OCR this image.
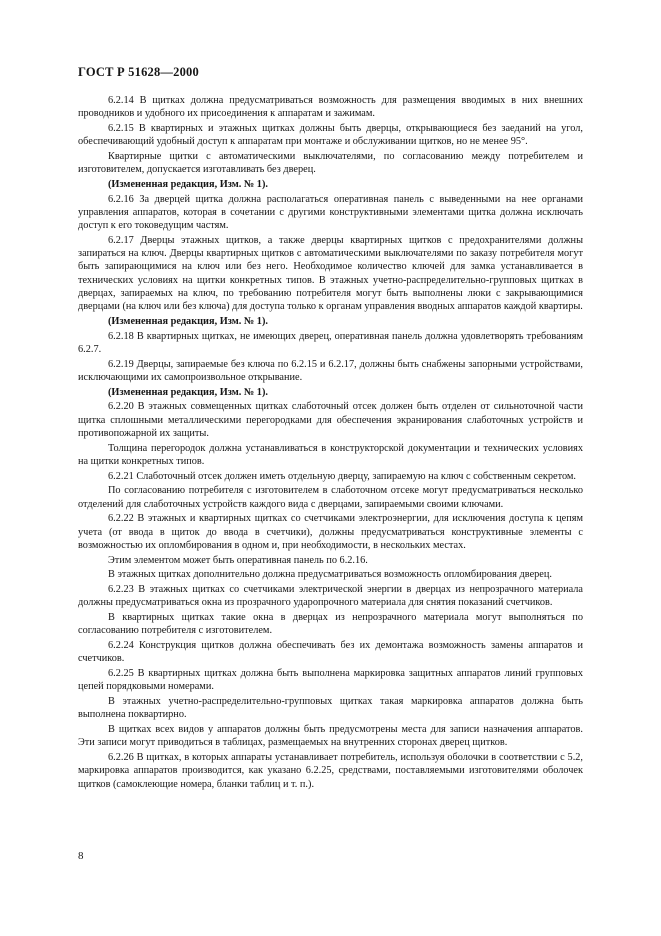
ГОСТ Р 51628—2000

6.2.14 В щитках должна предусматриваться возможность для размещения вводимых в них внешних проводников и удобного их присоединения к аппаратам и зажимам.

6.2.15 В квартирных и этажных щитках должны быть дверцы, открывающиеся без заеданий на угол, обеспечивающий удобный доступ к аппаратам при монтаже и обслуживании щитков, но не менее 95°.

Квартирные щитки с автоматическими выключателями, по согласованию между потребителем и изготовителем, допускается изготавливать без дверец.

(Измененная редакция, Изм. № 1).

6.2.16 За дверцей щитка должна располагаться оперативная панель с выведенными на нее органами управления аппаратов, которая в сочетании с другими конструктивными элементами щитка должна исключать доступ к его токоведущим частям.

6.2.17 Дверцы этажных щитков, а также дверцы квартирных щитков с предохранителями должны запираться на ключ. Дверцы квартирных щитков с автоматическими выключателями по заказу потребителя могут быть запирающимися на ключ или без него. Необходимое количество ключей для замка устанавливается в технических условиях на щитки конкретных типов. В этажных учетно-распределительно-групповых щитках в дверцах, запираемых на ключ, по требованию потребителя могут быть выполнены люки с закрывающимися дверцами (на ключ или без ключа) для доступа только к органам управления вводных аппаратов каждой квартиры.

(Измененная редакция, Изм. № 1).

6.2.18 В квартирных щитках, не имеющих дверец, оперативная панель должна удовлетворять требованиям 6.2.7.

6.2.19 Дверцы, запираемые без ключа по 6.2.15 и 6.2.17, должны быть снабжены запорными устройствами, исключающими их самопроизвольное открывание.

(Измененная редакция, Изм. № 1).

6.2.20 В этажных совмещенных щитках слаботочный отсек должен быть отделен от сильноточной части щитка сплошными металлическими перегородками для обеспечения экранирования слаботочных устройств и противопожарной их защиты.

Толщина перегородок должна устанавливаться в конструкторской документации и технических условиях на щитки конкретных типов.

6.2.21 Слаботочный отсек должен иметь отдельную дверцу, запираемую на ключ с собственным секретом.

По согласованию потребителя с изготовителем в слаботочном отсеке могут предусматриваться несколько отделений для слаботочных устройств каждого вида с дверцами, запираемыми своими ключами.

6.2.22 В этажных и квартирных щитках со счетчиками электроэнергии, для исключения доступа к цепям учета (от ввода в щиток до ввода в счетчики), должны предусматриваться конструктивные элементы с возможностью их опломбирования в одном и, при необходимости, в нескольких местах.

Этим элементом может быть оперативная панель по 6.2.16.

В этажных щитках дополнительно должна предусматриваться возможность опломбирования дверец.

6.2.23 В этажных щитках со счетчиками электрической энергии в дверцах из непрозрачного материала должны предусматриваться окна из прозрачного ударопрочного материала для снятия показаний счетчиков.

В квартирных щитках такие окна в дверцах из непрозрачного материала могут выполняться по согласованию потребителя с изготовителем.

6.2.24 Конструкция щитков должна обеспечивать без их демонтажа возможность замены аппаратов и счетчиков.

6.2.25 В квартирных щитках должна быть выполнена маркировка защитных аппаратов линий групповых цепей порядковыми номерами.

В этажных учетно-распределительно-групповых щитках такая маркировка аппаратов должна быть выполнена поквартирно.

В щитках всех видов у аппаратов должны быть предусмотрены места для записи назначения аппаратов. Эти записи могут приводиться в таблицах, размещаемых на внутренних сторонах дверец щитков.

6.2.26 В щитках, в которых аппараты устанавливает потребитель, используя оболочки в соответствии с 5.2, маркировка аппаратов производится, как указано 6.2.25, средствами, поставляемыми изготовителями оболочек щитков (самоклеющие номера, бланки таблиц и т. п.).

8
